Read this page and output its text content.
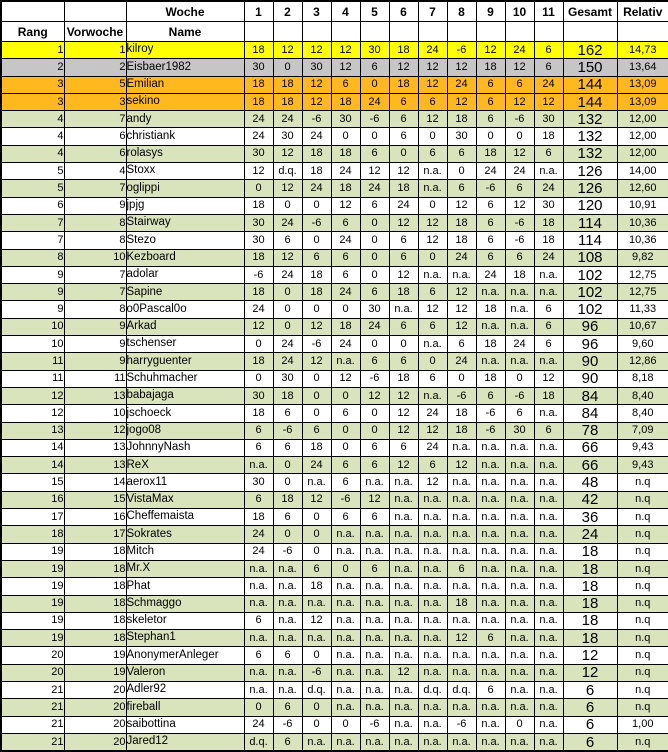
		Woche	1	2	3	4	5	6	7	8	9	10	11	Gesamt	Relativ
Rang	Vorwoche	Name													
1	1	kilroy	18	12	12	12	30	18	24	-6	12	24	6	162	14,73
2	2	Eisbaer1982	30	0	30	12	6	12	12	12	18	12	6	150	13,64
3	5	Emilian	18	18	12	6	0	18	12	24	6	6	24	144	13,09
3	3	sekino	18	18	12	18	24	6	6	12	6	12	12	144	13,09
4	7	andy	24	24	-6	30	-6	6	12	18	6	-6	30	132	12,00
4	6	christiank	24	30	24	0	0	6	0	30	0	0	18	132	12,00
4	6	rolasys	30	12	18	18	6	0	6	6	18	12	6	132	12,00
5	4	Stoxx	12	d.q.	18	24	12	12	n.a.	0	24	24	n.a.	126	14,00
5	7	oglippi	0	12	24	18	24	18	n.a.	6	-6	6	24	126	12,60
6	9	jpjg	18	0	0	12	6	24	0	12	6	12	30	120	10,91
7	8	Stairway	30	24	-6	6	0	12	12	18	6	-6	18	114	10,36
7	8	Stezo	30	6	0	24	0	6	12	18	6	-6	18	114	10,36
8	10	Kezboard	18	12	6	6	0	6	0	24	6	6	24	108	9,82
9	7	adolar	-6	24	18	6	0	12	n.a.	n.a.	24	18	n.a.	102	12,75
9	7	Sapine	18	0	18	24	6	18	6	12	n.a.	n.a.	n.a.	102	12,75
9	8	o0Pascal0o	24	0	0	0	30	n.a.	12	12	18	n.a.	6	102	11,33
10	9	Arkad	12	0	12	18	24	6	6	12	n.a.	n.a.	6	96	10,67
10	9	tschenser	0	24	-6	24	0	0	n.a.	6	18	24	6	96	9,60
11	9	harryguenter	18	24	12	n.a.	6	6	0	24	n.a.	n.a.	n.a.	90	12,86
11	11	Schuhmacher	0	30	0	12	-6	18	6	0	18	0	12	90	8,18
12	13	babajaga	30	18	0	0	12	12	n.a.	-6	6	-6	18	84	8,40
12	10	jschoeck	18	6	0	6	0	12	24	18	-6	6	n.a.	84	8,40
13	12	jogo08	6	-6	6	0	0	12	12	18	-6	30	6	78	7,09
14	13	JohnnyNash	6	6	18	0	6	6	24	n.a.	n.a.	n.a.	n.a.	66	9,43
14	13	ReX	n.a.	0	24	6	6	12	6	12	n.a.	n.a.	n.a.	66	9,43
15	14	aerox11	30	0	n.a.	6	n.a.	n.a.	12	n.a.	n.a.	n.a.	n.a.	48	n.q
16	15	VistaMax	6	18	12	-6	12	n.a.	n.a.	n.a.	n.a.	n.a.	n.a.	42	n.q
17	16	Cheffemaista	18	6	0	6	6	n.a.	n.a.	n.a.	n.a.	n.a.	n.a.	36	n.q
18	17	Sokrates	24	0	0	n.a.	n.a.	n.a.	n.a.	n.a.	n.a.	n.a.	n.a.	24	n.q
19	18	Mitch	24	-6	0	n.a.	n.a.	n.a.	n.a.	n.a.	n.a.	n.a.	n.a.	18	n.q
19	18	Mr.X	n.a.	n.a.	6	0	6	n.a.	n.a.	6	n.a.	n.a.	n.a.	18	n.q
19	18	Phat	n.a.	n.a.	18	n.a.	n.a.	n.a.	n.a.	n.a.	n.a.	n.a.	n.a.	18	n.q
19	18	Schmaggo	n.a.	n.a.	n.a.	n.a.	n.a.	n.a.	n.a.	18	n.a.	n.a.	n.a.	18	n.q
19	18	skeletor	6	n.a.	12	n.a.	n.a.	n.a.	n.a.	n.a.	n.a.	n.a.	n.a.	18	n.q
19	18	Stephan1	n.a.	n.a.	n.a.	n.a.	n.a.	n.a.	n.a.	12	6	n.a.	n.a.	18	n.q
20	19	AnonymerAnleger	6	6	0	n.a.	n.a.	n.a.	n.a.	n.a.	n.a.	n.a.	n.a.	12	n.q
20	19	Valeron	n.a.	n.a.	-6	n.a.	n.a.	12	n.a.	n.a.	n.a.	n.a.	n.a.	12	n.q
21	20	Adler92	n.a.	n.a.	d.q.	n.a.	n.a.	n.a.	d.q.	d.q.	6	n.a.	n.a.	6	n.q
21	20	fireball	0	6	0	n.a.	n.a.	n.a.	n.a.	n.a.	n.a.	n.a.	n.a.	6	n.q
21	20	saibottina	24	-6	0	0	-6	n.a.	n.a.	-6	n.a.	0	n.a.	6	1,00
21	20	Jared12	d.q.	6	n.a.	n.a.	n.a.	n.a.	n.a.	n.a.	n.a.	n.a.	n.a.	6	n.q
